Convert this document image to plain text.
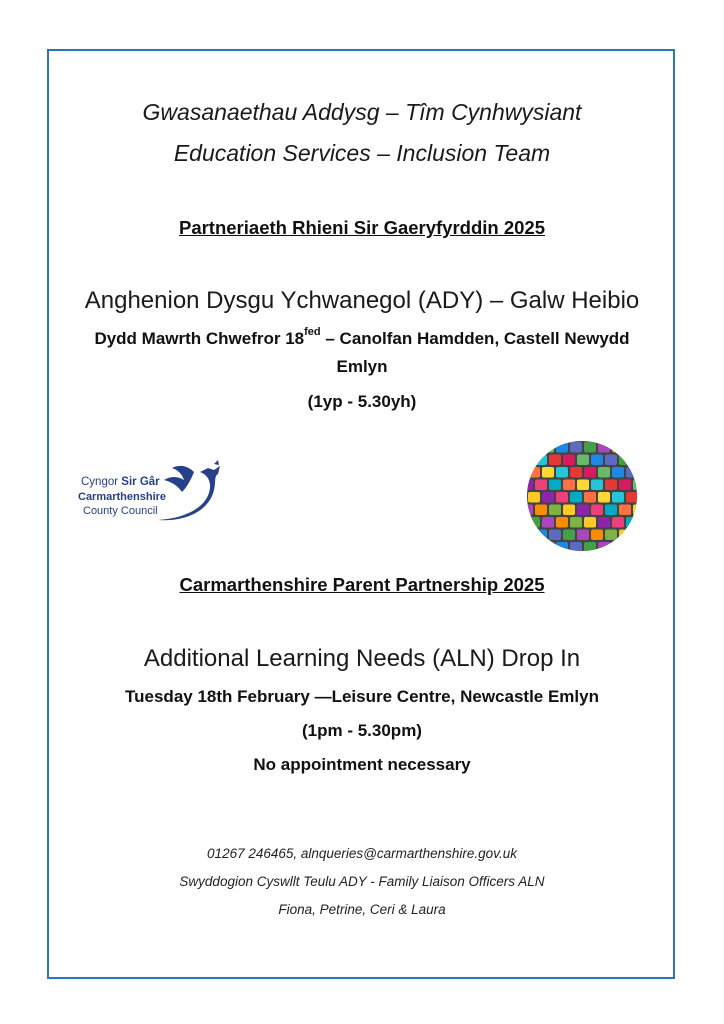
Gwasanaethau Addysg – Tîm Cynhwysiant
Education Services – Inclusion Team
Partneriaeth Rhieni Sir Gaeryfyrddin 2025
Anghenion Dysgu Ychwanegol (ADY) – Galw Heibio
Dydd Mawrth Chwefror $18^{fed}$ – Canolfan Hamdden, Castell Newydd
Emlyn
(1yp - 5.30yh)
Cyngor Sir Gâr
Carmarthenshire
County Council
Carmarthenshire Parent Partnership 2025
Additional Learning Needs (ALN) Drop In
Tuesday 18th February —Leisure Centre, Newcastle Emlyn
(1pm - 5.30pm)
No appointment necessary
01267 246465, alnqueries@carmarthenshire.gov.uk
Swyddogion Cyswllt Teulu ADY - Family Liaison Officers ALN
Fiona, Petrine, Ceri & Laura
